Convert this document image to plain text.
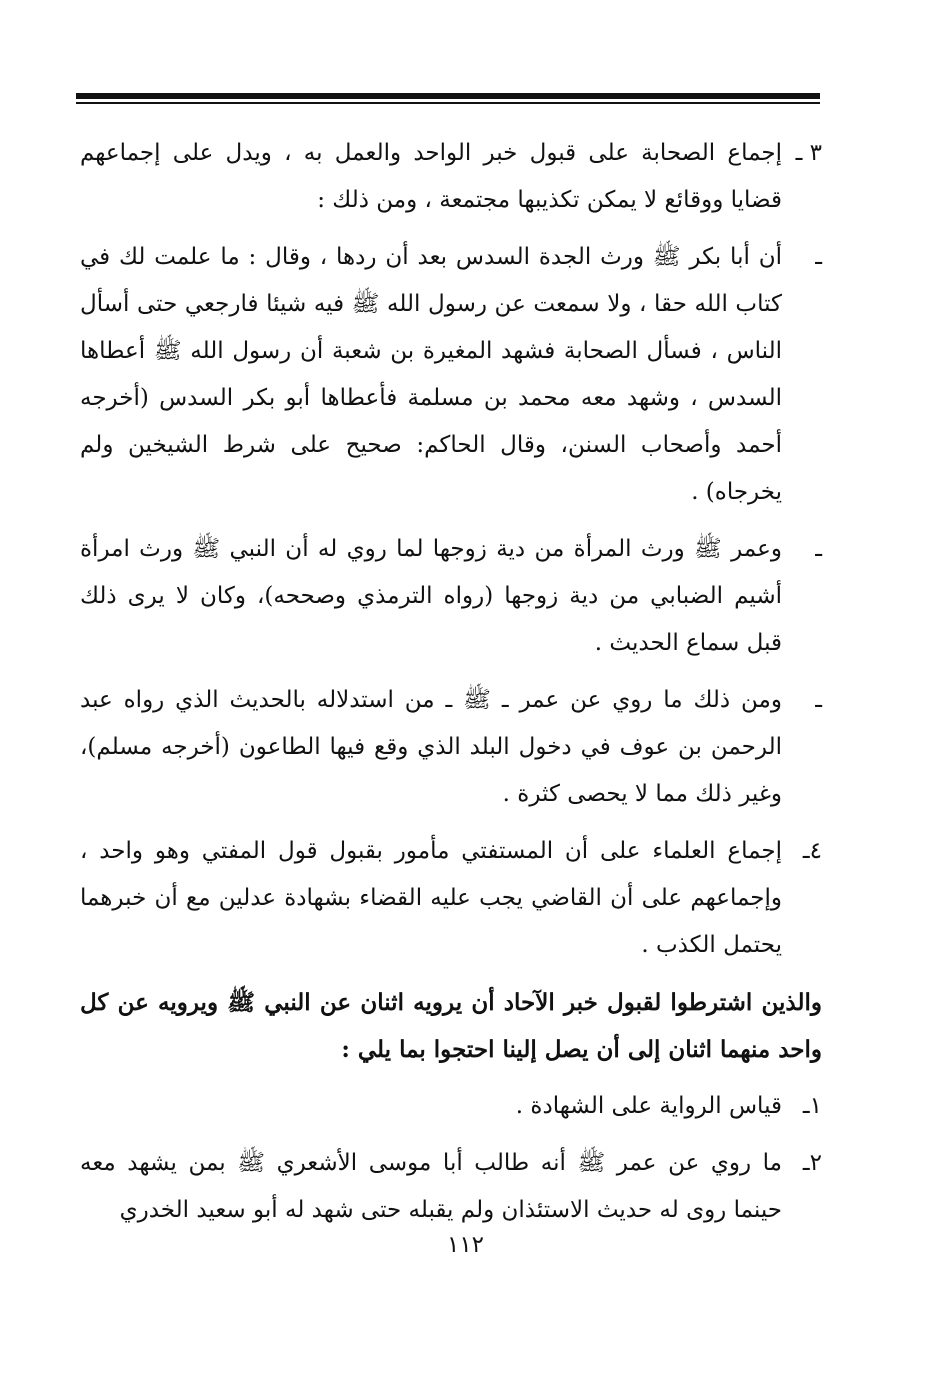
٣ ـ
إجماع الصحابة على قبول خبر الواحد والعمل به ، ويدل على إجماعهم قضايا ووقائع لا يمكن تكذيبها مجتمعة ، ومن ذلك :
ـ
أن أبا بكر ﷺ ورث الجدة السدس بعد أن ردها ، وقال : ما علمت لك في كتاب الله حقا ، ولا سمعت عن رسول الله ﷺ فيه شيئا فارجعي حتى أسأل الناس ، فسأل الصحابة فشهد المغيرة بن شعبة أن رسول الله ﷺ أعطاها السدس ، وشهد معه محمد بن مسلمة فأعطاها أبو بكر السدس (أخرجه أحمد وأصحاب السنن، وقال الحاكم: صحيح على شرط الشيخين ولم يخرجاه) .
ـ
وعمر ﷺ ورث المرأة من دية زوجها لما روي له أن النبي ﷺ ورث امرأة أشيم الضبابي من دية زوجها (رواه الترمذي وصححه)، وكان لا يرى ذلك قبل سماع الحديث .
ـ
ومن ذلك ما روي عن عمر ـ ﷺ ـ من استدلاله بالحديث الذي رواه عبد الرحمن بن عوف في دخول البلد الذي وقع فيها الطاعون (أخرجه مسلم)، وغير ذلك مما لا يحصى كثرة .
٤ـ
إجماع العلماء على أن المستفتي مأمور بقبول قول المفتي وهو واحد ، وإجماعهم على أن القاضي يجب عليه القضاء بشهادة عدلين مع أن خبرهما يحتمل الكذب .

والذين اشترطوا لقبول خبر الآحاد أن يرويه اثنان عن النبي ﷺ ويرويه عن كل واحد منهما اثنان إلى أن يصل إلينا احتجوا بما يلي :

١ـ
قياس الرواية على الشهادة .
٢ـ
ما روي عن عمر ﷺ أنه طالب أبا موسى الأشعري ﷺ بمن يشهد معه حينما روى له حديث الاستئذان ولم يقبله حتى شهد له أبو سعيد الخدري
١١٢
